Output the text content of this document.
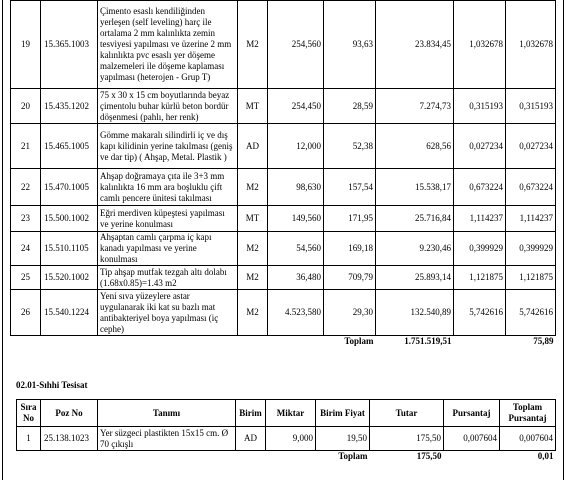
19	15.365.1003	Çimento esaslı kendiliğinden yerleşen (self leveling) harç ile ortalama 2 mm kalınlıkta zemin tesviyesi yapılması ve üzerine 2 mm kalınlıkta pvc esaslı yer döşeme malzemeleri ile döşeme kaplaması yapılması (heterojen - Grup T)	M2	254,560	93,63	23.834,45	1,032678	1,032678
20	15.435.1202	75 x 30 x 15 cm boyutlarında beyaz çimentolu buhar kürlü beton bordür döşenmesi (pahlı, her renk)	MT	254,450	28,59	7.274,73	0,315193	0,315193
21	15.465.1005	Gömme makaralı silindirli iç ve dış kapı kilidinin yerine takılması (geniş ve dar tip) ( Ahşap, Metal. Plastik )	AD	12,000	52,38	628,56	0,027234	0,027234
22	15.470.1005	Ahşap doğramaya çıta ile 3+3 mm kalınlıkta 16 mm ara boşluklu çift camlı pencere ünitesi takılması	M2	98,630	157,54	15.538,17	0,673224	0,673224
23	15.500.1002	Eğri merdiven küpeştesi yapılması ve yerine konulması	MT	149,560	171,95	25.716,84	1,114237	1,114237
24	15.510.1105	Ahşaptan camlı çarpma iç kapı kanadı yapılması ve yerine konulması	M2	54,560	169,18	9.230,46	0,399929	0,399929
25	15.520.1002	Tip ahşap mutfak tezgah altı dolabı (1.68x0.85)=1.43 m2	M2	36,480	709,79	25.893,14	1,121875	1,121875
26	15.540.1224	Yeni sıva yüzeylere astar uygulanarak iki kat su bazlı mat antibakteriyel boya yapılması (iç cephe)	M2	4.523,580	29,30	132.540,89	5,742616	5,742616
					Toplam	1.751.519,51		75,89
02.01-Sıhhi Tesisat
Sıra No	Poz No	Tanımı	Birim	Miktar	Birim Fiyat	Tutar	Pursantaj	Toplam Pursantaj
1	25.138.1023	Yer süzgeci plastikten 15x15 cm. Ø 70 çıkışlı	AD	9,000	19,50	175,50	0,007604	0,007604
					Toplam	175,50		0,01
